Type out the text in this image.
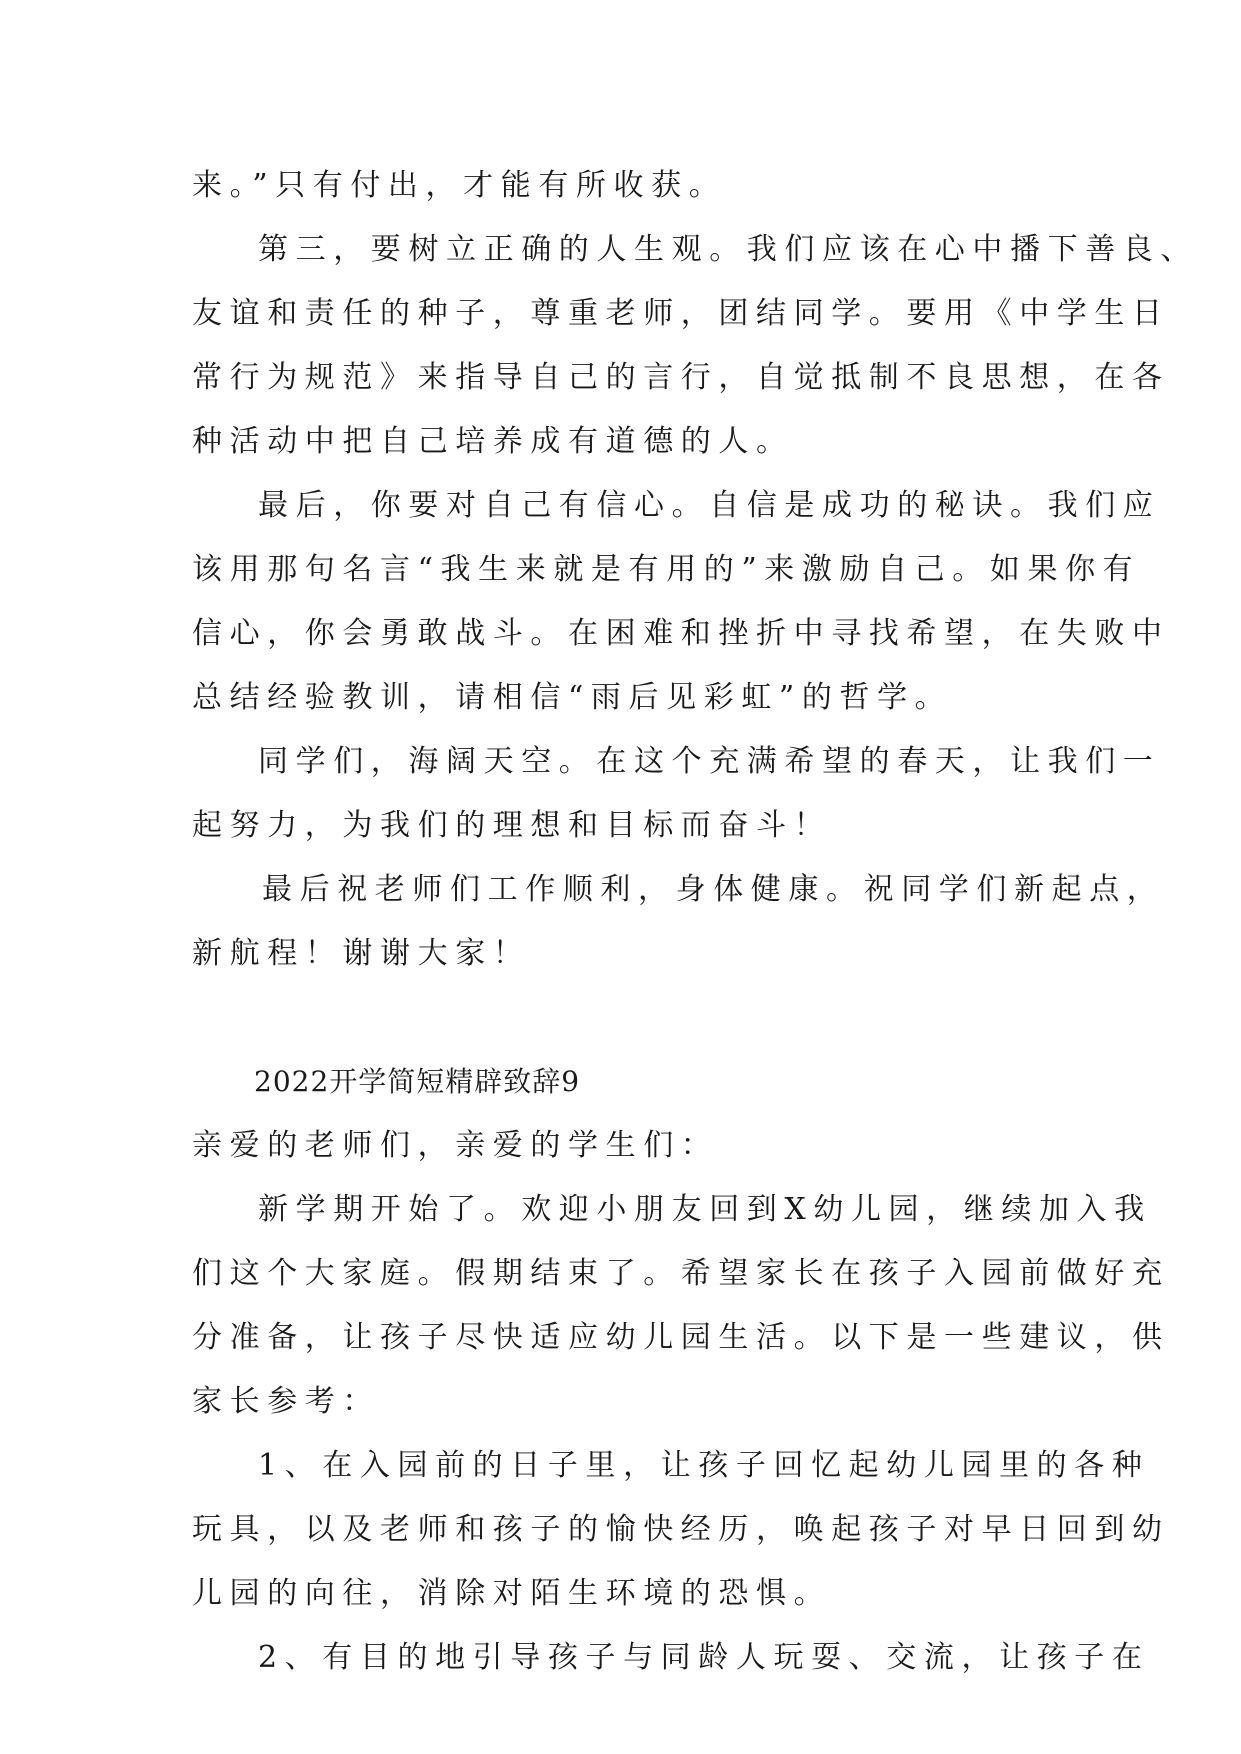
来。”只有付出，才能有所收获。
第三，要树立正确的人生观。我们应该在心中播下善良、
友谊和责任的种子，尊重老师，团结同学。要用《中学生日
常行为规范》来指导自己的言行，自觉抵制不良思想，在各
种活动中把自己培养成有道德的人。
最后，你要对自己有信心。自信是成功的秘诀。我们应
该用那句名言“我生来就是有用的”来激励自己。如果你有
信心，你会勇敢战斗。在困难和挫折中寻找希望，在失败中
总结经验教训，请相信“雨后见彩虹”的哲学。
同学们，海阔天空。在这个充满希望的春天，让我们一
起努力，为我们的理想和目标而奋斗！
最后祝老师们工作顺利，身体健康。祝同学们新起点，
新航程！谢谢大家！
2022开学简短精辟致辞9
亲爱的老师们，亲爱的学生们：
新学期开始了。欢迎小朋友回到X幼儿园，继续加入我
们这个大家庭。假期结束了。希望家长在孩子入园前做好充
分准备，让孩子尽快适应幼儿园生活。以下是一些建议，供
家长参考：
1、在入园前的日子里，让孩子回忆起幼儿园里的各种
玩具，以及老师和孩子的愉快经历，唤起孩子对早日回到幼
儿园的向往，消除对陌生环境的恐惧。
2、有目的地引导孩子与同龄人玩耍、交流，让孩子在
